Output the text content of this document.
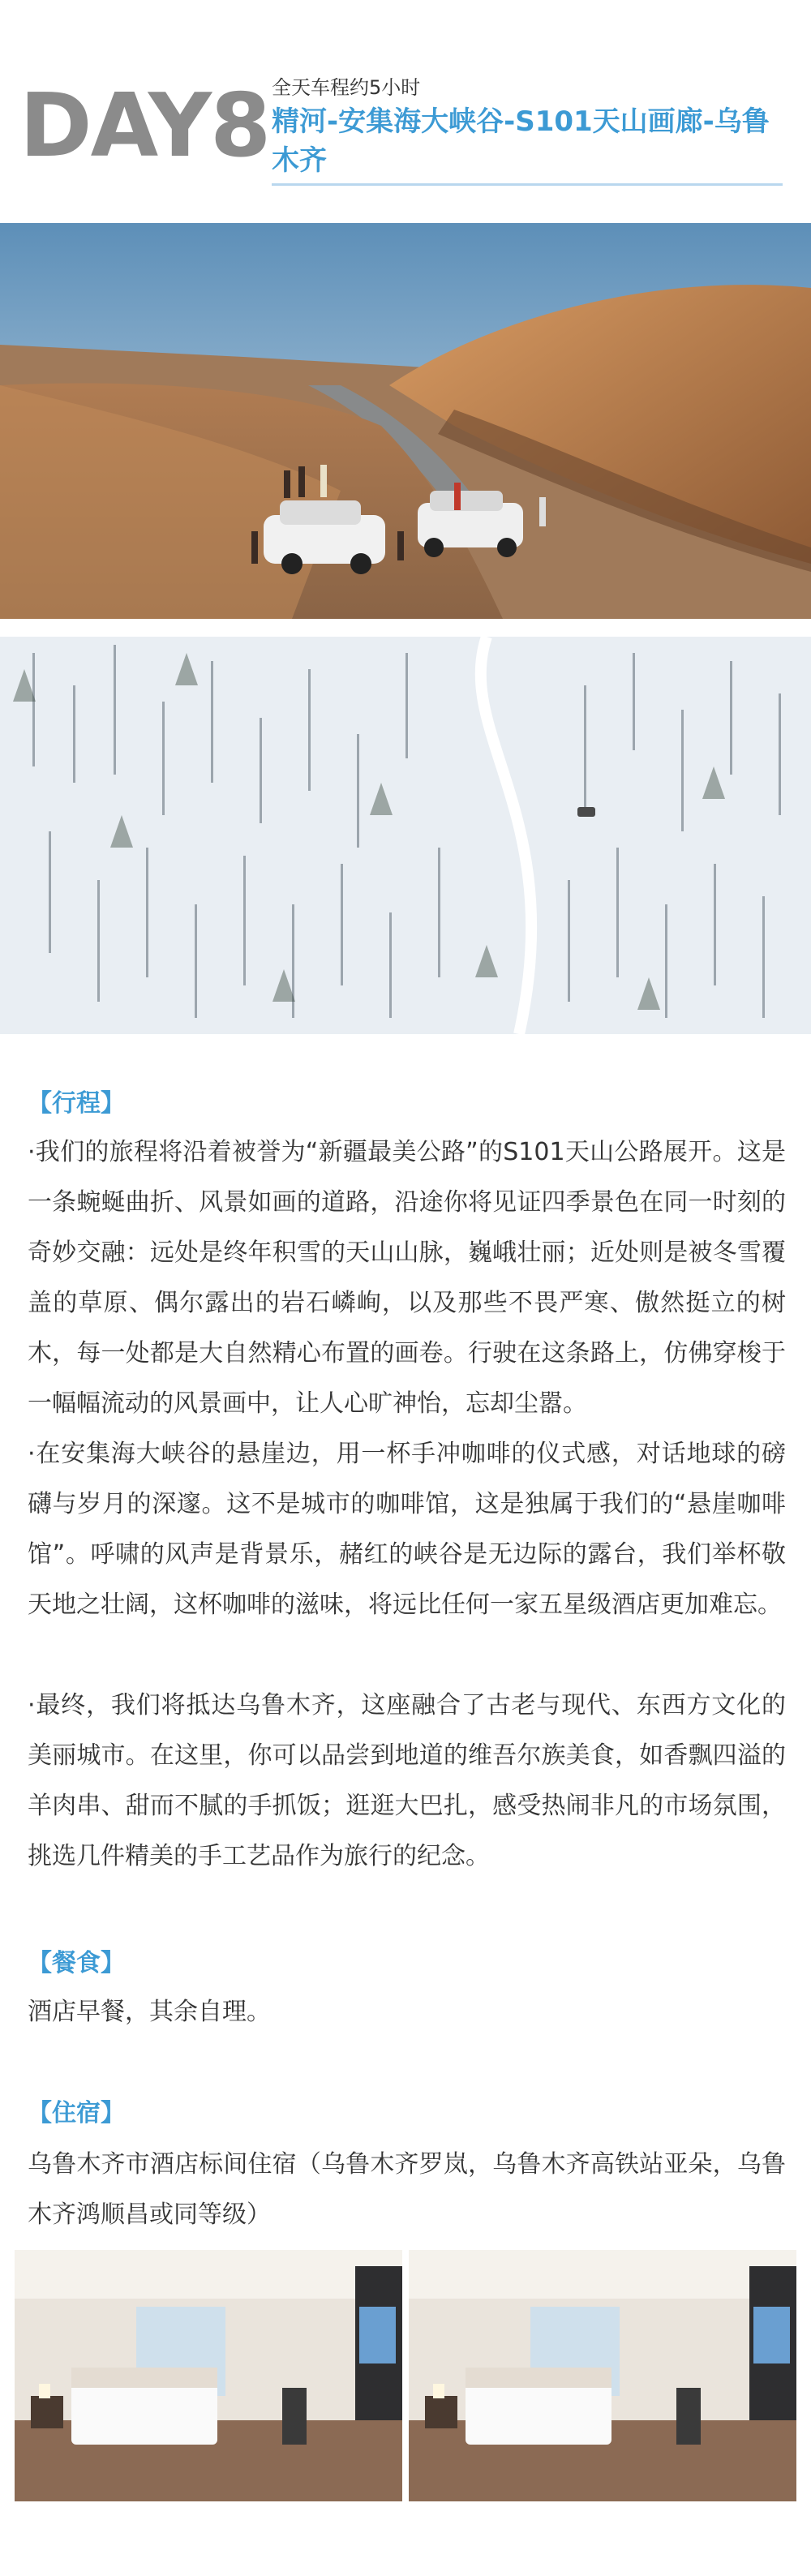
DAY8 全天车程约5小时
精河-安集海大峡谷-S101天山画廊-乌鲁木齐
【行程】
·我们的旅程将沿着被誉为“新疆最美公路”的S101天山公路展开。这是一条蜿蜒曲折、风景如画的道路，沿途你将见证四季景色在同一时刻的奇妙交融：远处是终年积雪的天山山脉，巍峨壮丽；近处则是被冬雪覆盖的草原、偶尔露出的岩石嶙峋，以及那些不畏严寒、傲然挺立的树木，每一处都是大自然精心布置的画卷。行驶在这条路上，仿佛穿梭于一幅幅流动的风景画中，让人心旷神怡，忘却尘嚣。
·在安集海大峡谷的悬崖边，用一杯手冲咖啡的仪式感，对话地球的磅礴与岁月的深邃。这不是城市的咖啡馆，这是独属于我们的“悬崖咖啡馆”。呼啸的风声是背景乐，赭红的峡谷是无边际的露台，我们举杯敬天地之壮阔，这杯咖啡的滋味，将远比任何一家五星级酒店更加难忘。
·最终，我们将抵达乌鲁木齐，这座融合了古老与现代、东西方文化的美丽城市。在这里，你可以品尝到地道的维吾尔族美食，如香飘四溢的羊肉串、甜而不腻的手抓饭；逛逛大巴扎，感受热闹非凡的市场氛围，挑选几件精美的手工艺品作为旅行的纪念。
【餐食】
酒店早餐，其余自理。
【住宿】
乌鲁木齐市酒店标间住宿（乌鲁木齐罗岚，乌鲁木齐高铁站亚朵，乌鲁木齐鸿顺昌或同等级）
